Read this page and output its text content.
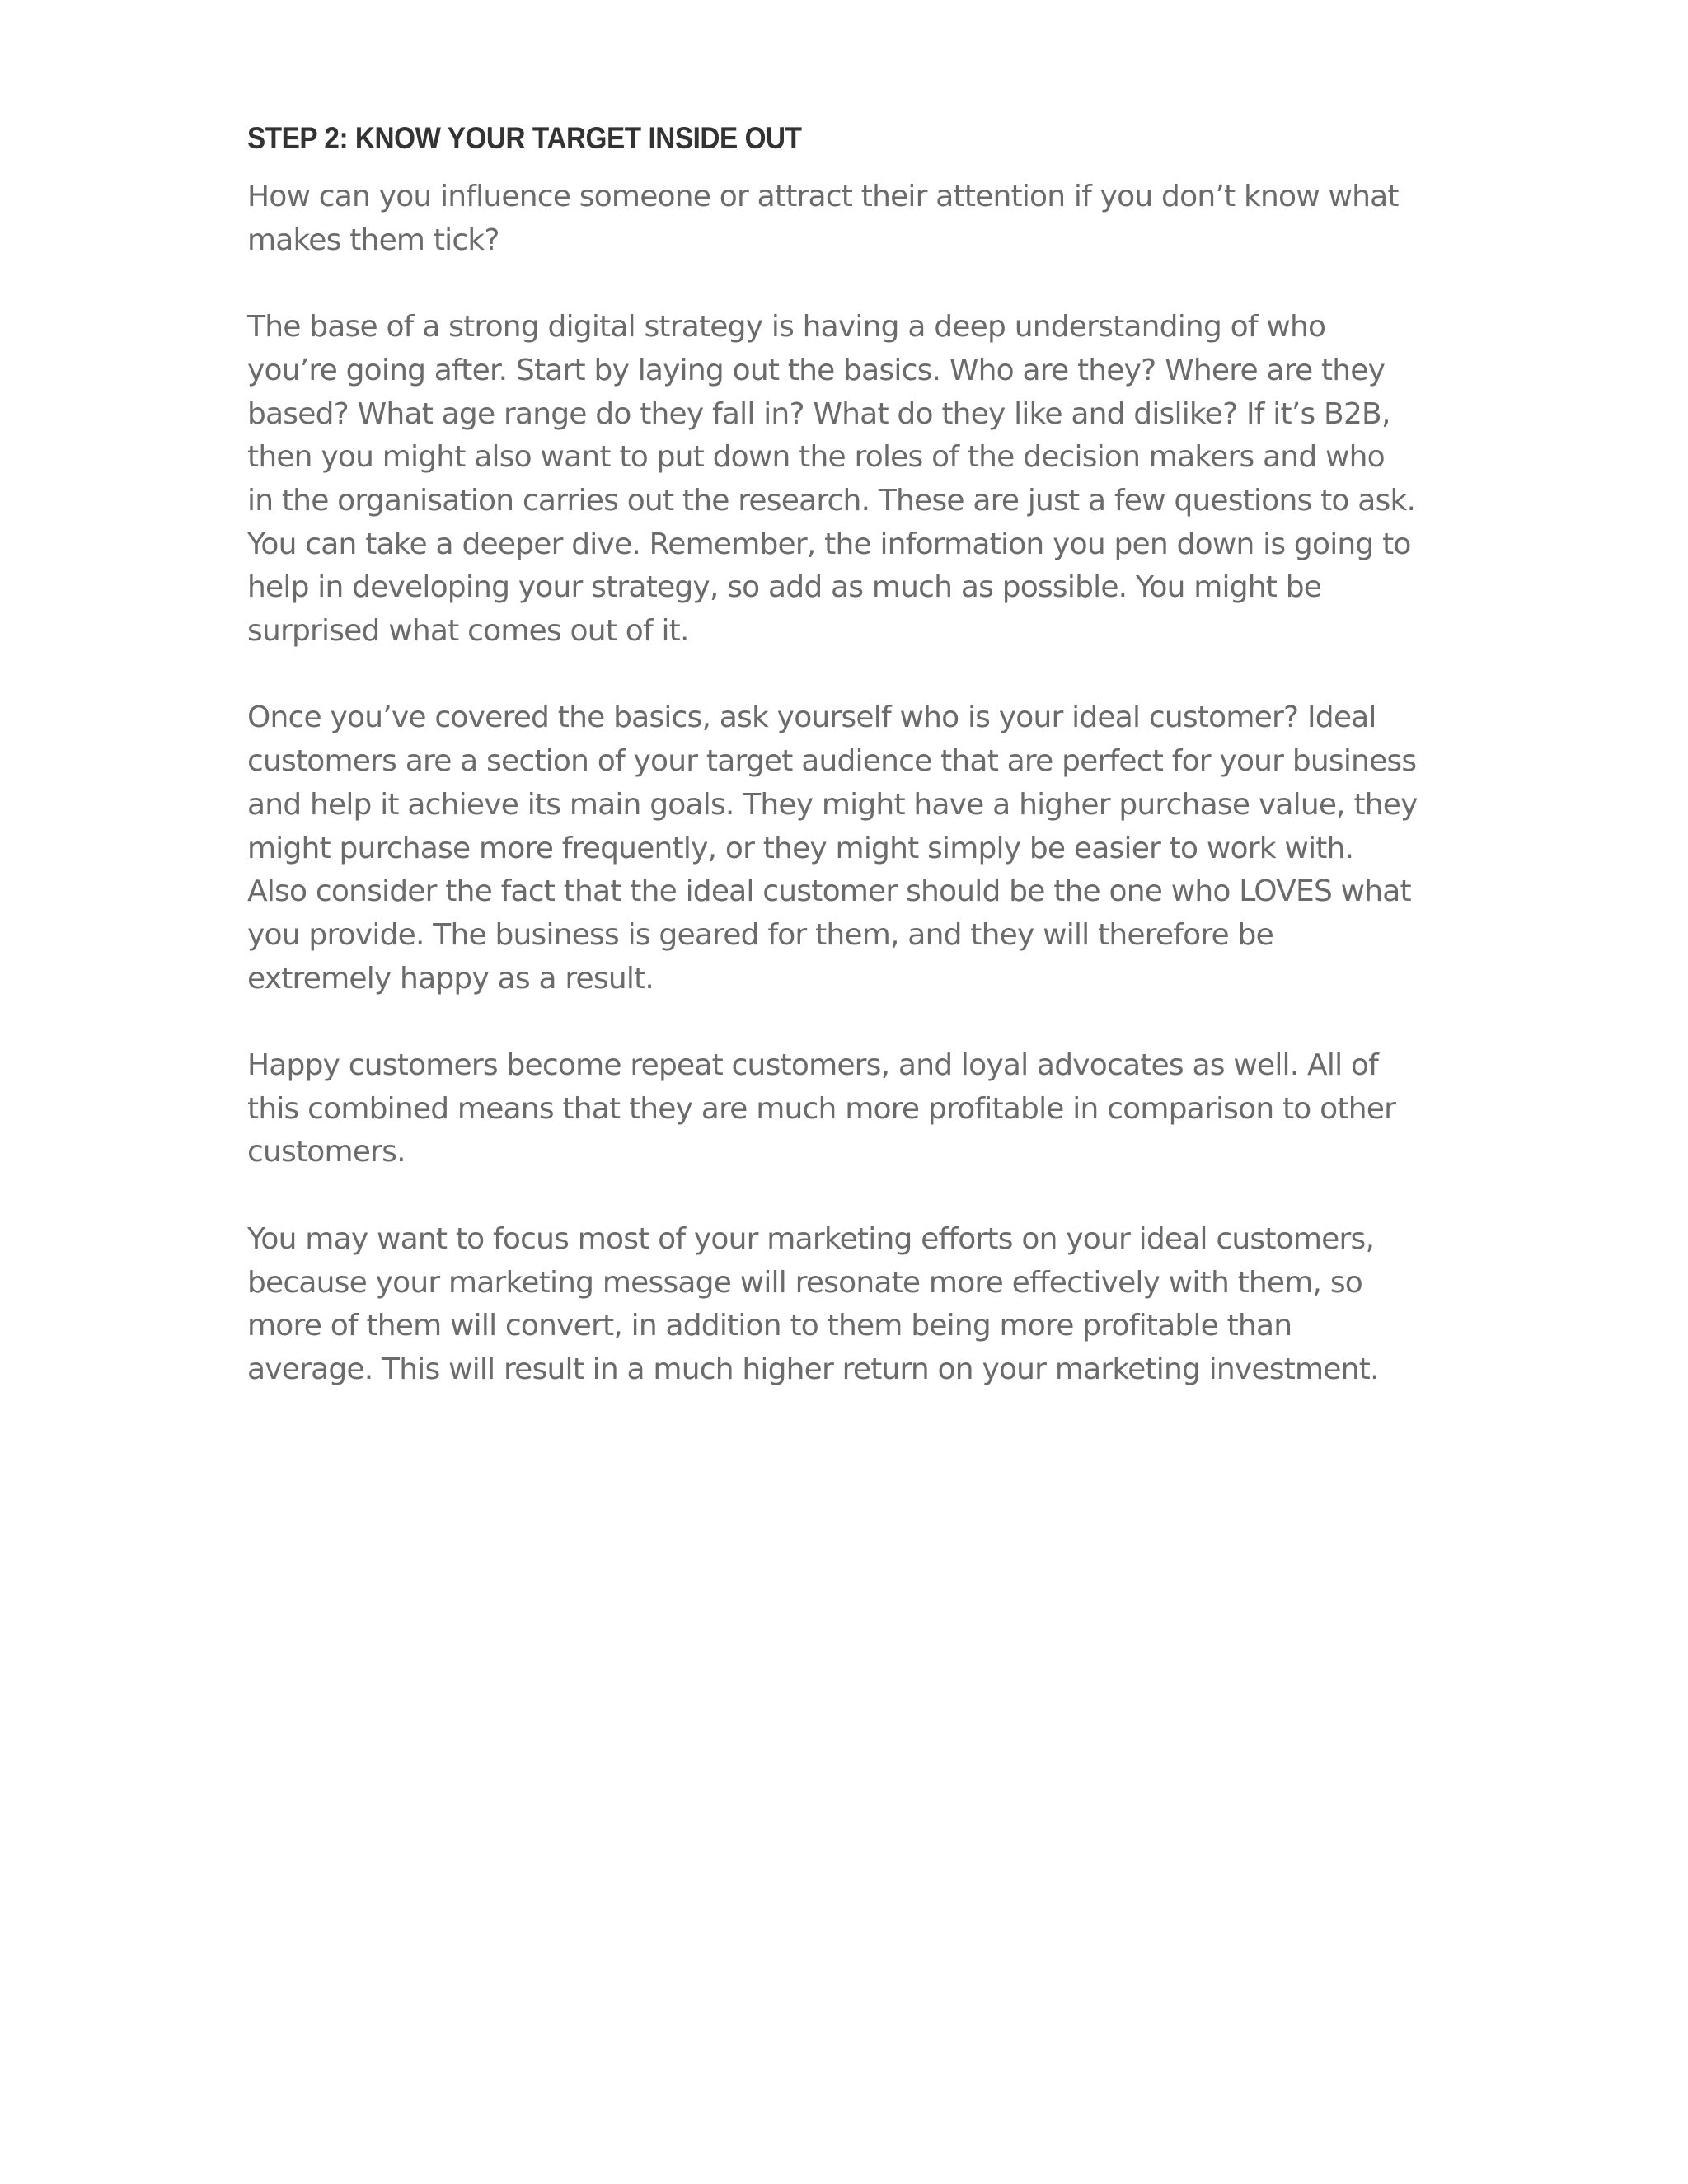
STEP 2: KNOW YOUR TARGET INSIDE OUT

How can you influence someone or attract their attention if you don’t know what makes them tick?

The base of a strong digital strategy is having a deep understanding of who you’re going after. Start by laying out the basics. Who are they? Where are they based? What age range do they fall in? What do they like and dislike? If it’s B2B, then you might also want to put down the roles of the decision makers and who in the organisation carries out the research. These are just a few questions to ask. You can take a deeper dive. Remember, the information you pen down is going to help in developing your strategy, so add as much as possible. You might be surprised what comes out of it.

Once you’ve covered the basics, ask yourself who is your ideal customer? Ideal customers are a section of your target audience that are perfect for your business and help it achieve its main goals. They might have a higher purchase value, they might purchase more frequently, or they might simply be easier to work with. Also consider the fact that the ideal customer should be the one who LOVES what you provide. The business is geared for them, and they will therefore be extremely happy as a result.

Happy customers become repeat customers, and loyal advocates as well. All of this combined means that they are much more profitable in comparison to other customers.

You may want to focus most of your marketing efforts on your ideal customers, because your marketing message will resonate more effectively with them, so more of them will convert, in addition to them being more profitable than average. This will result in a much higher return on your marketing investment.
